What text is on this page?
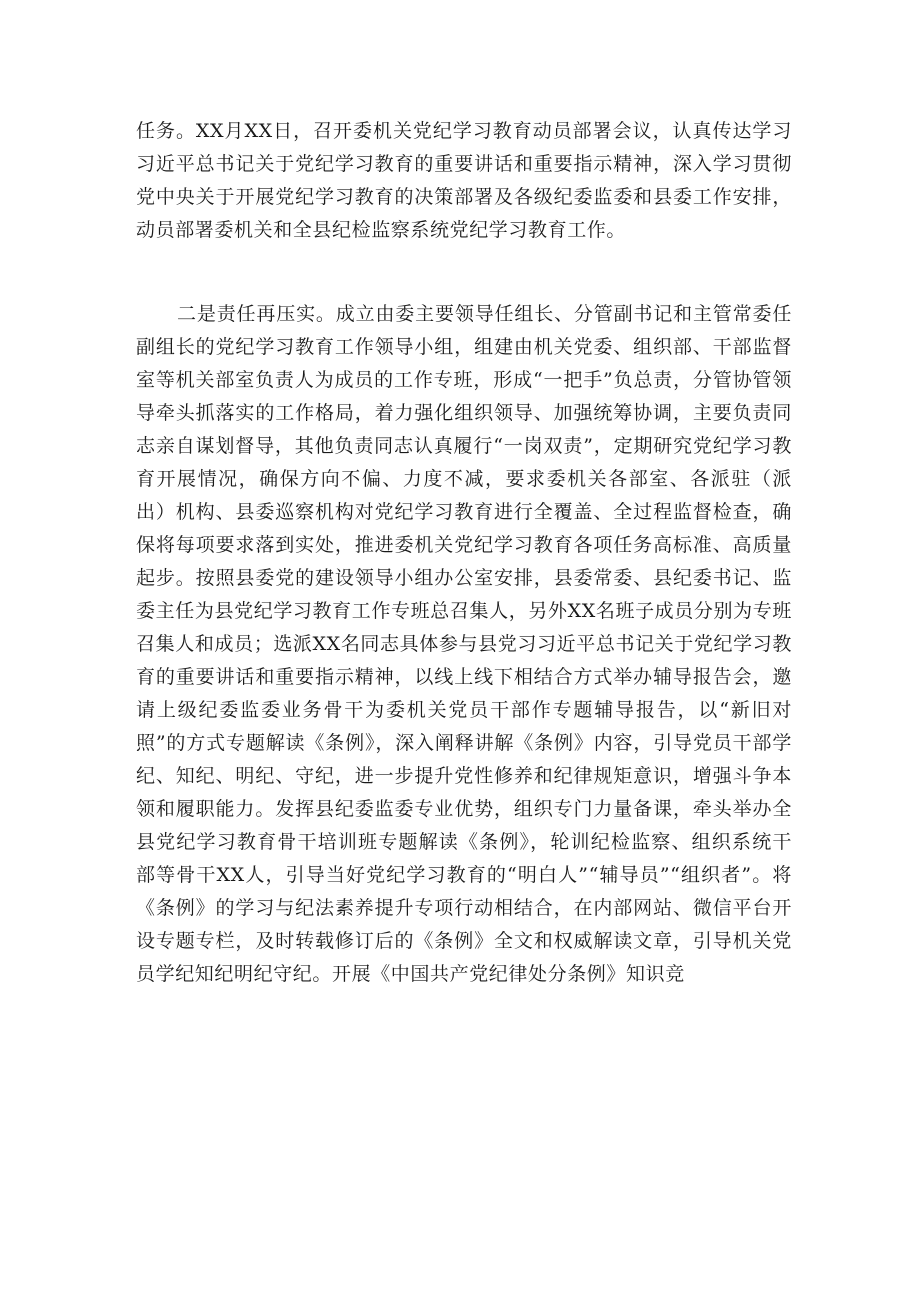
任务。XX月XX日，召开委机关党纪学习教育动员部署会议，认真传达学习习近平总书记关于党纪学习教育的重要讲话和重要指示精神，深入学习贯彻党中央关于开展党纪学习教育的决策部署及各级纪委监委和县委工作安排，动员部署委机关和全县纪检监察系统党纪学习教育工作。

二是责任再压实。成立由委主要领导任组长、分管副书记和主管常委任副组长的党纪学习教育工作领导小组，组建由机关党委、组织部、干部监督室等机关部室负责人为成员的工作专班，形成“一把手”负总责，分管协管领导牵头抓落实的工作格局，着力强化组织领导、加强统筹协调，主要负责同志亲自谋划督导，其他负责同志认真履行“一岗双责”，定期研究党纪学习教育开展情况，确保方向不偏、力度不减，要求委机关各部室、各派驻（派出）机构、县委巡察机构对党纪学习教育进行全覆盖、全过程监督检查，确保将每项要求落到实处，推进委机关党纪学习教育各项任务高标准、高质量起步。按照县委党的建设领导小组办公室安排，县委常委、县纪委书记、监委主任为县党纪学习教育工作专班总召集人，另外XX名班子成员分别为专班召集人和成员；选派XX名同志具体参与县党习习近平总书记关于党纪学习教育的重要讲话和重要指示精神，以线上线下相结合方式举办辅导报告会，邀请上级纪委监委业务骨干为委机关党员干部作专题辅导报告，以“新旧对照”的方式专题解读《条例》，深入阐释讲解《条例》内容，引导党员干部学纪、知纪、明纪、守纪，进一步提升党性修养和纪律规矩意识，增强斗争本领和履职能力。发挥县纪委监委专业优势，组织专门力量备课，牵头举办全县党纪学习教育骨干培训班专题解读《条例》，轮训纪检监察、组织系统干部等骨干XX人，引导当好党纪学习教育的“明白人”“辅导员”“组织者”。将《条例》的学习与纪法素养提升专项行动相结合，在内部网站、微信平台开设专题专栏，及时转载修订后的《条例》全文和权威解读文章，引导机关党员学纪知纪明纪守纪。开展《中国共产党纪律处分条例》知识竞
